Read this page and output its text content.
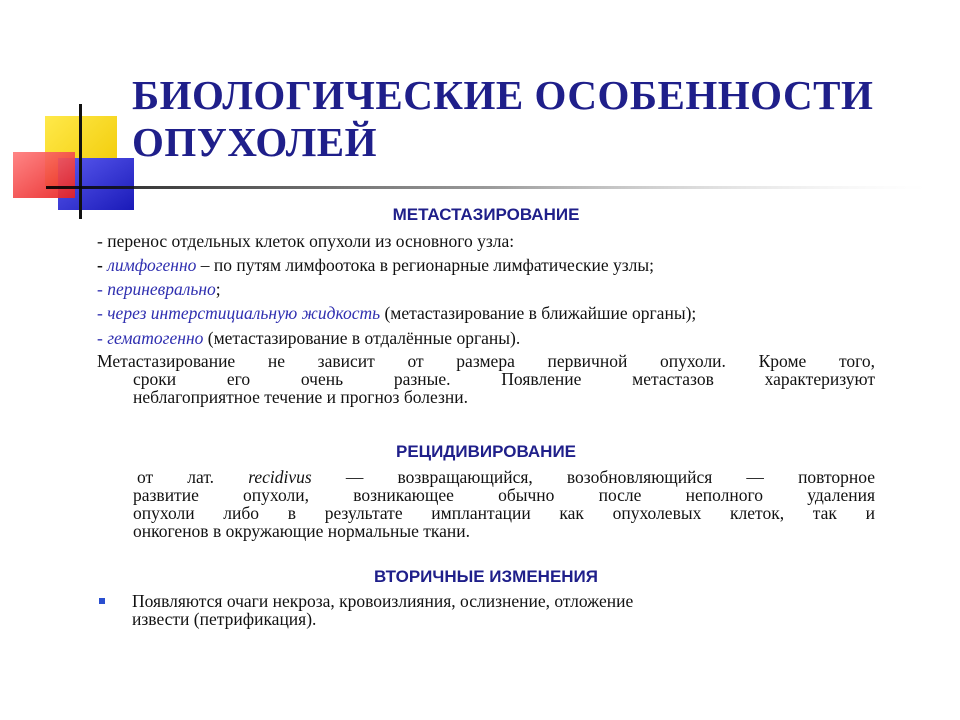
БИОЛОГИЧЕСКИЕ ОСОБЕННОСТИ
ОПУХОЛЕЙ
МЕТАСТАЗИРОВАНИЕ
- перенос отдельных клеток опухоли из основного узла:
- лимфогенно – по путям лимфоотока в регионарные лимфатические узлы;
- периневрально;
- через интерстициальную жидкость (метастазирование в ближайшие органы);
- гематогенно (метастазирование в отдалённые органы).
Метастазирование не зависит от размера первичной опухоли. Кроме того,
сроки его очень разные. Появление метастазов характеризуют
неблагоприятное течение и прогноз болезни.
РЕЦИДИВИРОВАНИЕ
от лат. recidivus — возвращающийся, возобновляющийся — повторное
развитие опухоли, возникающее обычно после неполного удаления
опухоли либо в результате имплантации как опухолевых клеток, так и
онкогенов в окружающие нормальные ткани.
ВТОРИЧНЫЕ ИЗМЕНЕНИЯ
Появляются очаги некроза, кровоизлияния, ослизнение, отложение
извести (петрификация).
